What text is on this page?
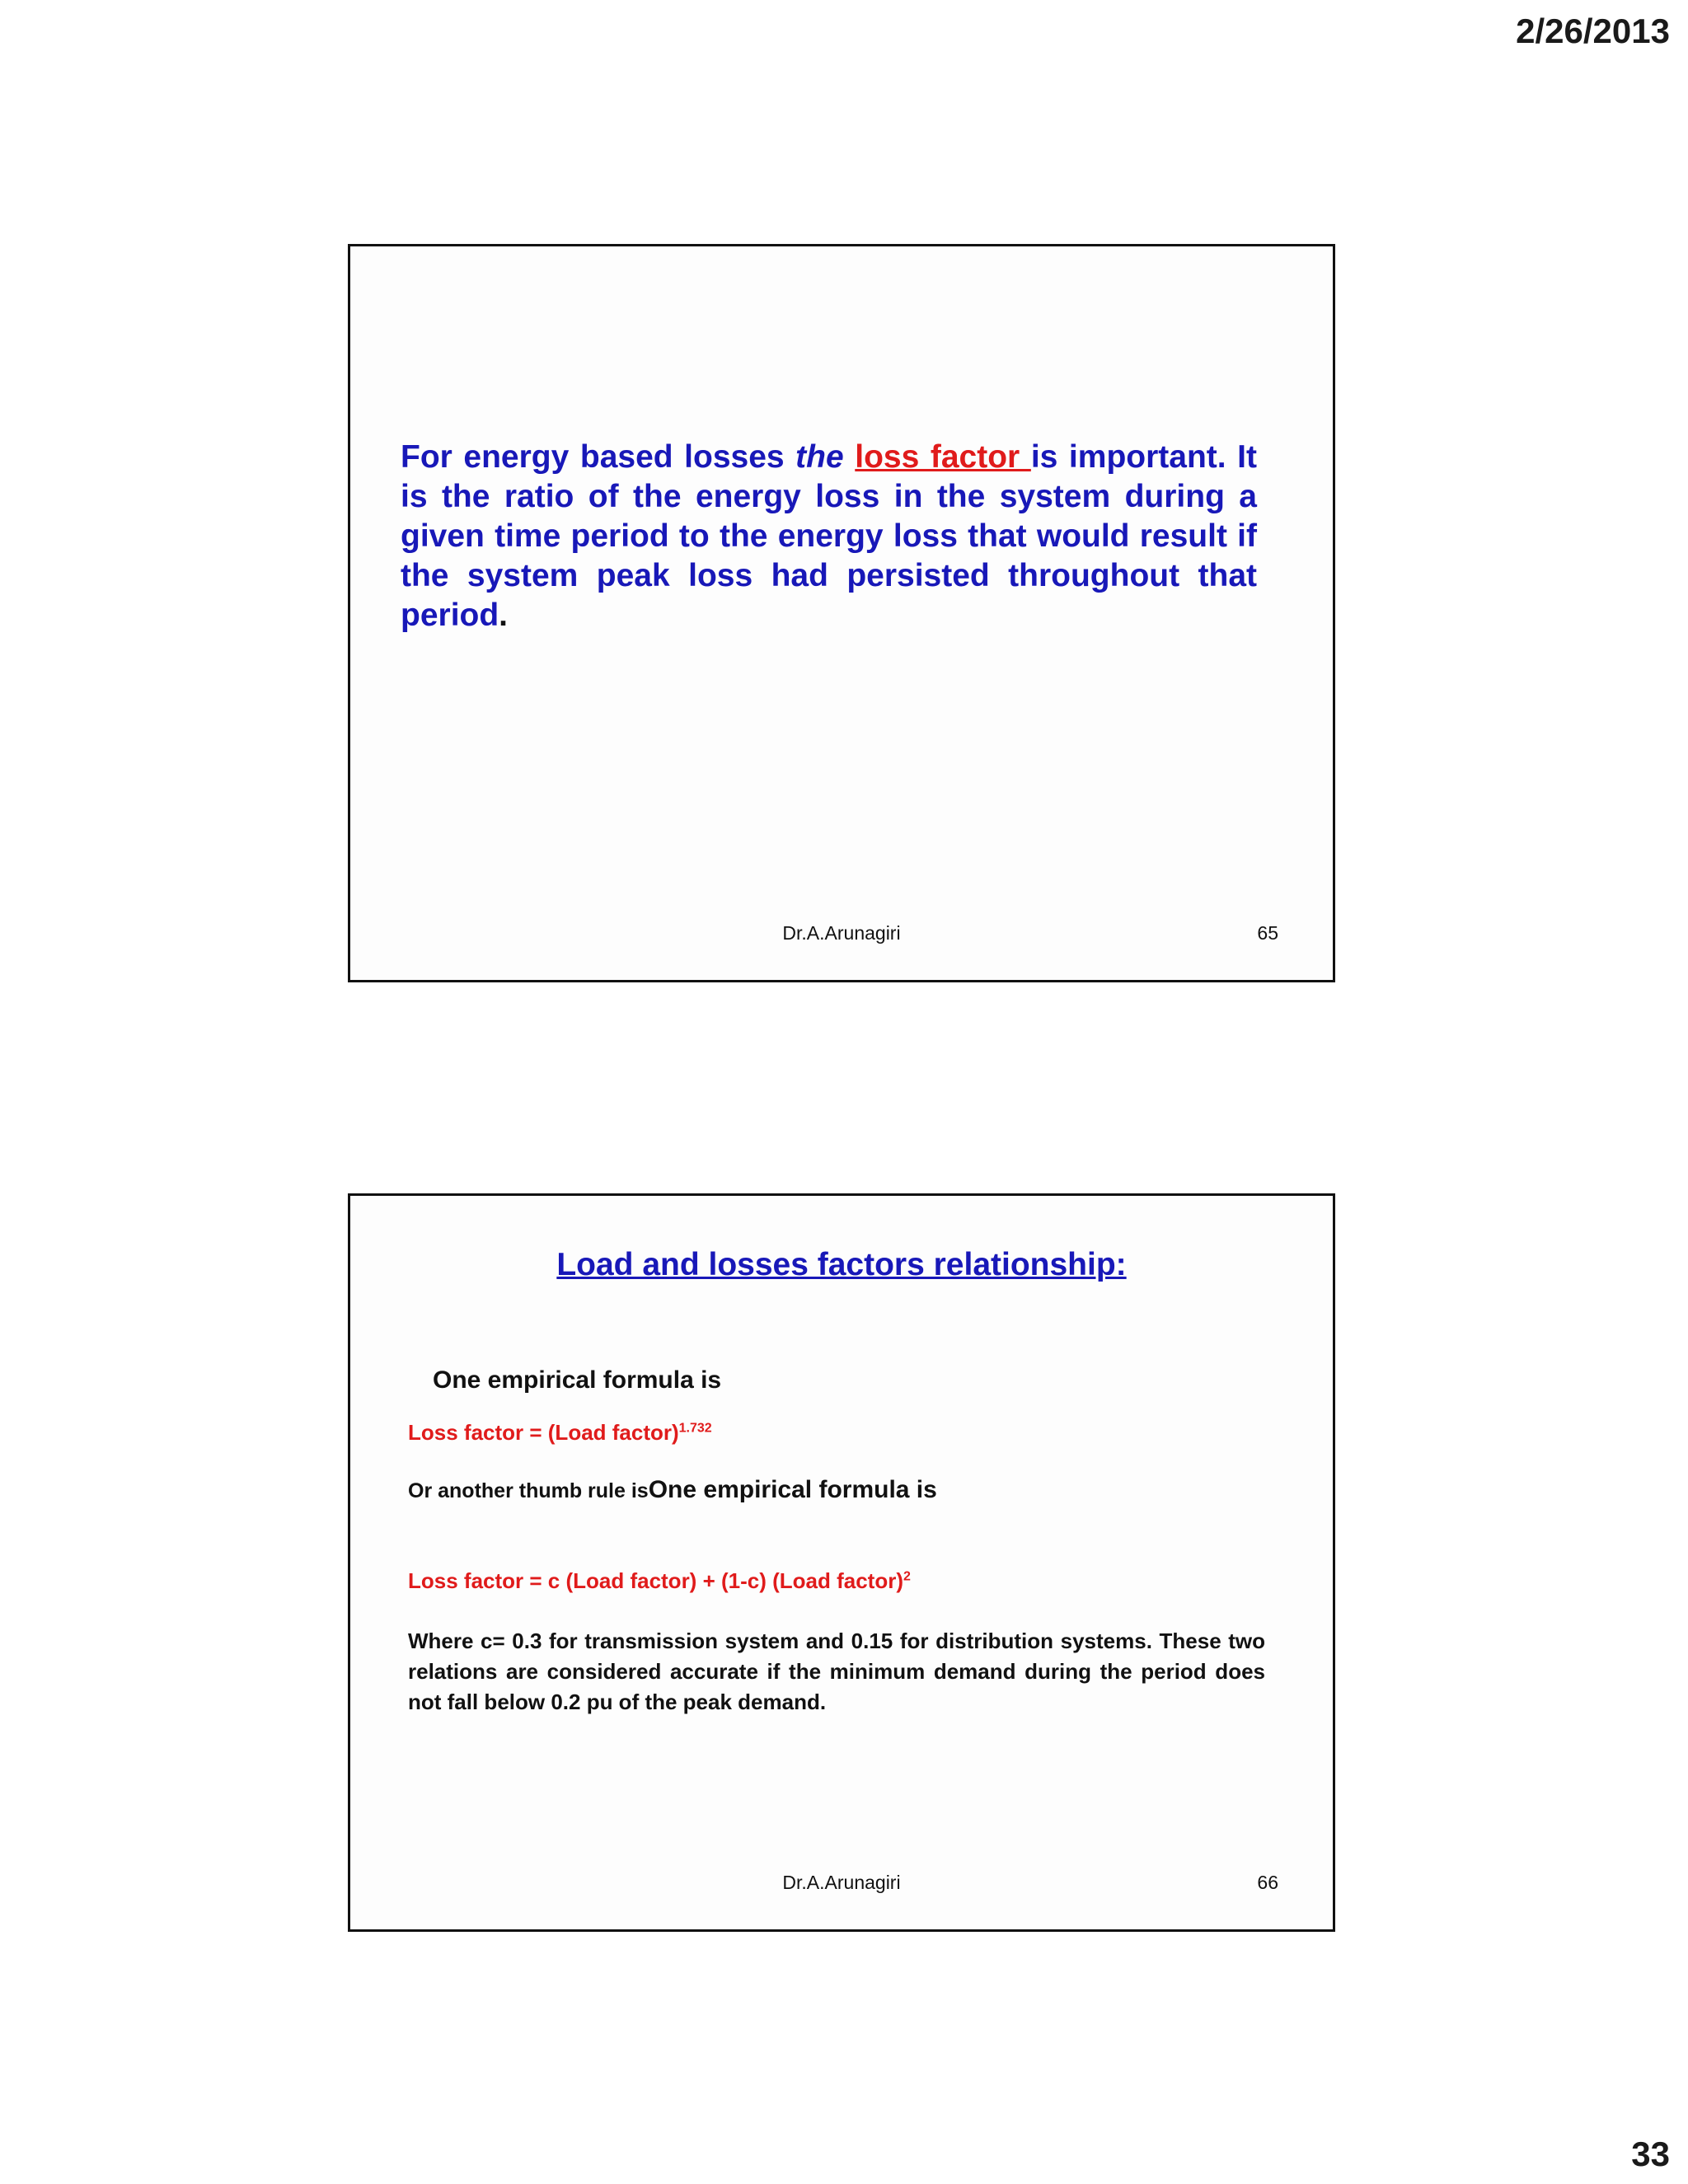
2/26/2013
For energy based losses the loss factor is important. It is the ratio of the energy loss in the system during a given time period to the energy loss that would result if the system peak loss had persisted throughout that period.
Dr.A.Arunagiri	65
Load and losses factors relationship:
One empirical formula is
Loss factor = (Load factor)$^{1.732}$
Or another thumb rule isOne empirical formula is
Loss factor = c (Load factor) + (1-c) (Load factor)$^2$
Where c= 0.3 for transmission system and 0.15 for distribution systems. These two relations are considered accurate if the minimum demand during the period does not fall below 0.2 pu of the peak demand.
Dr.A.Arunagiri	66
33
